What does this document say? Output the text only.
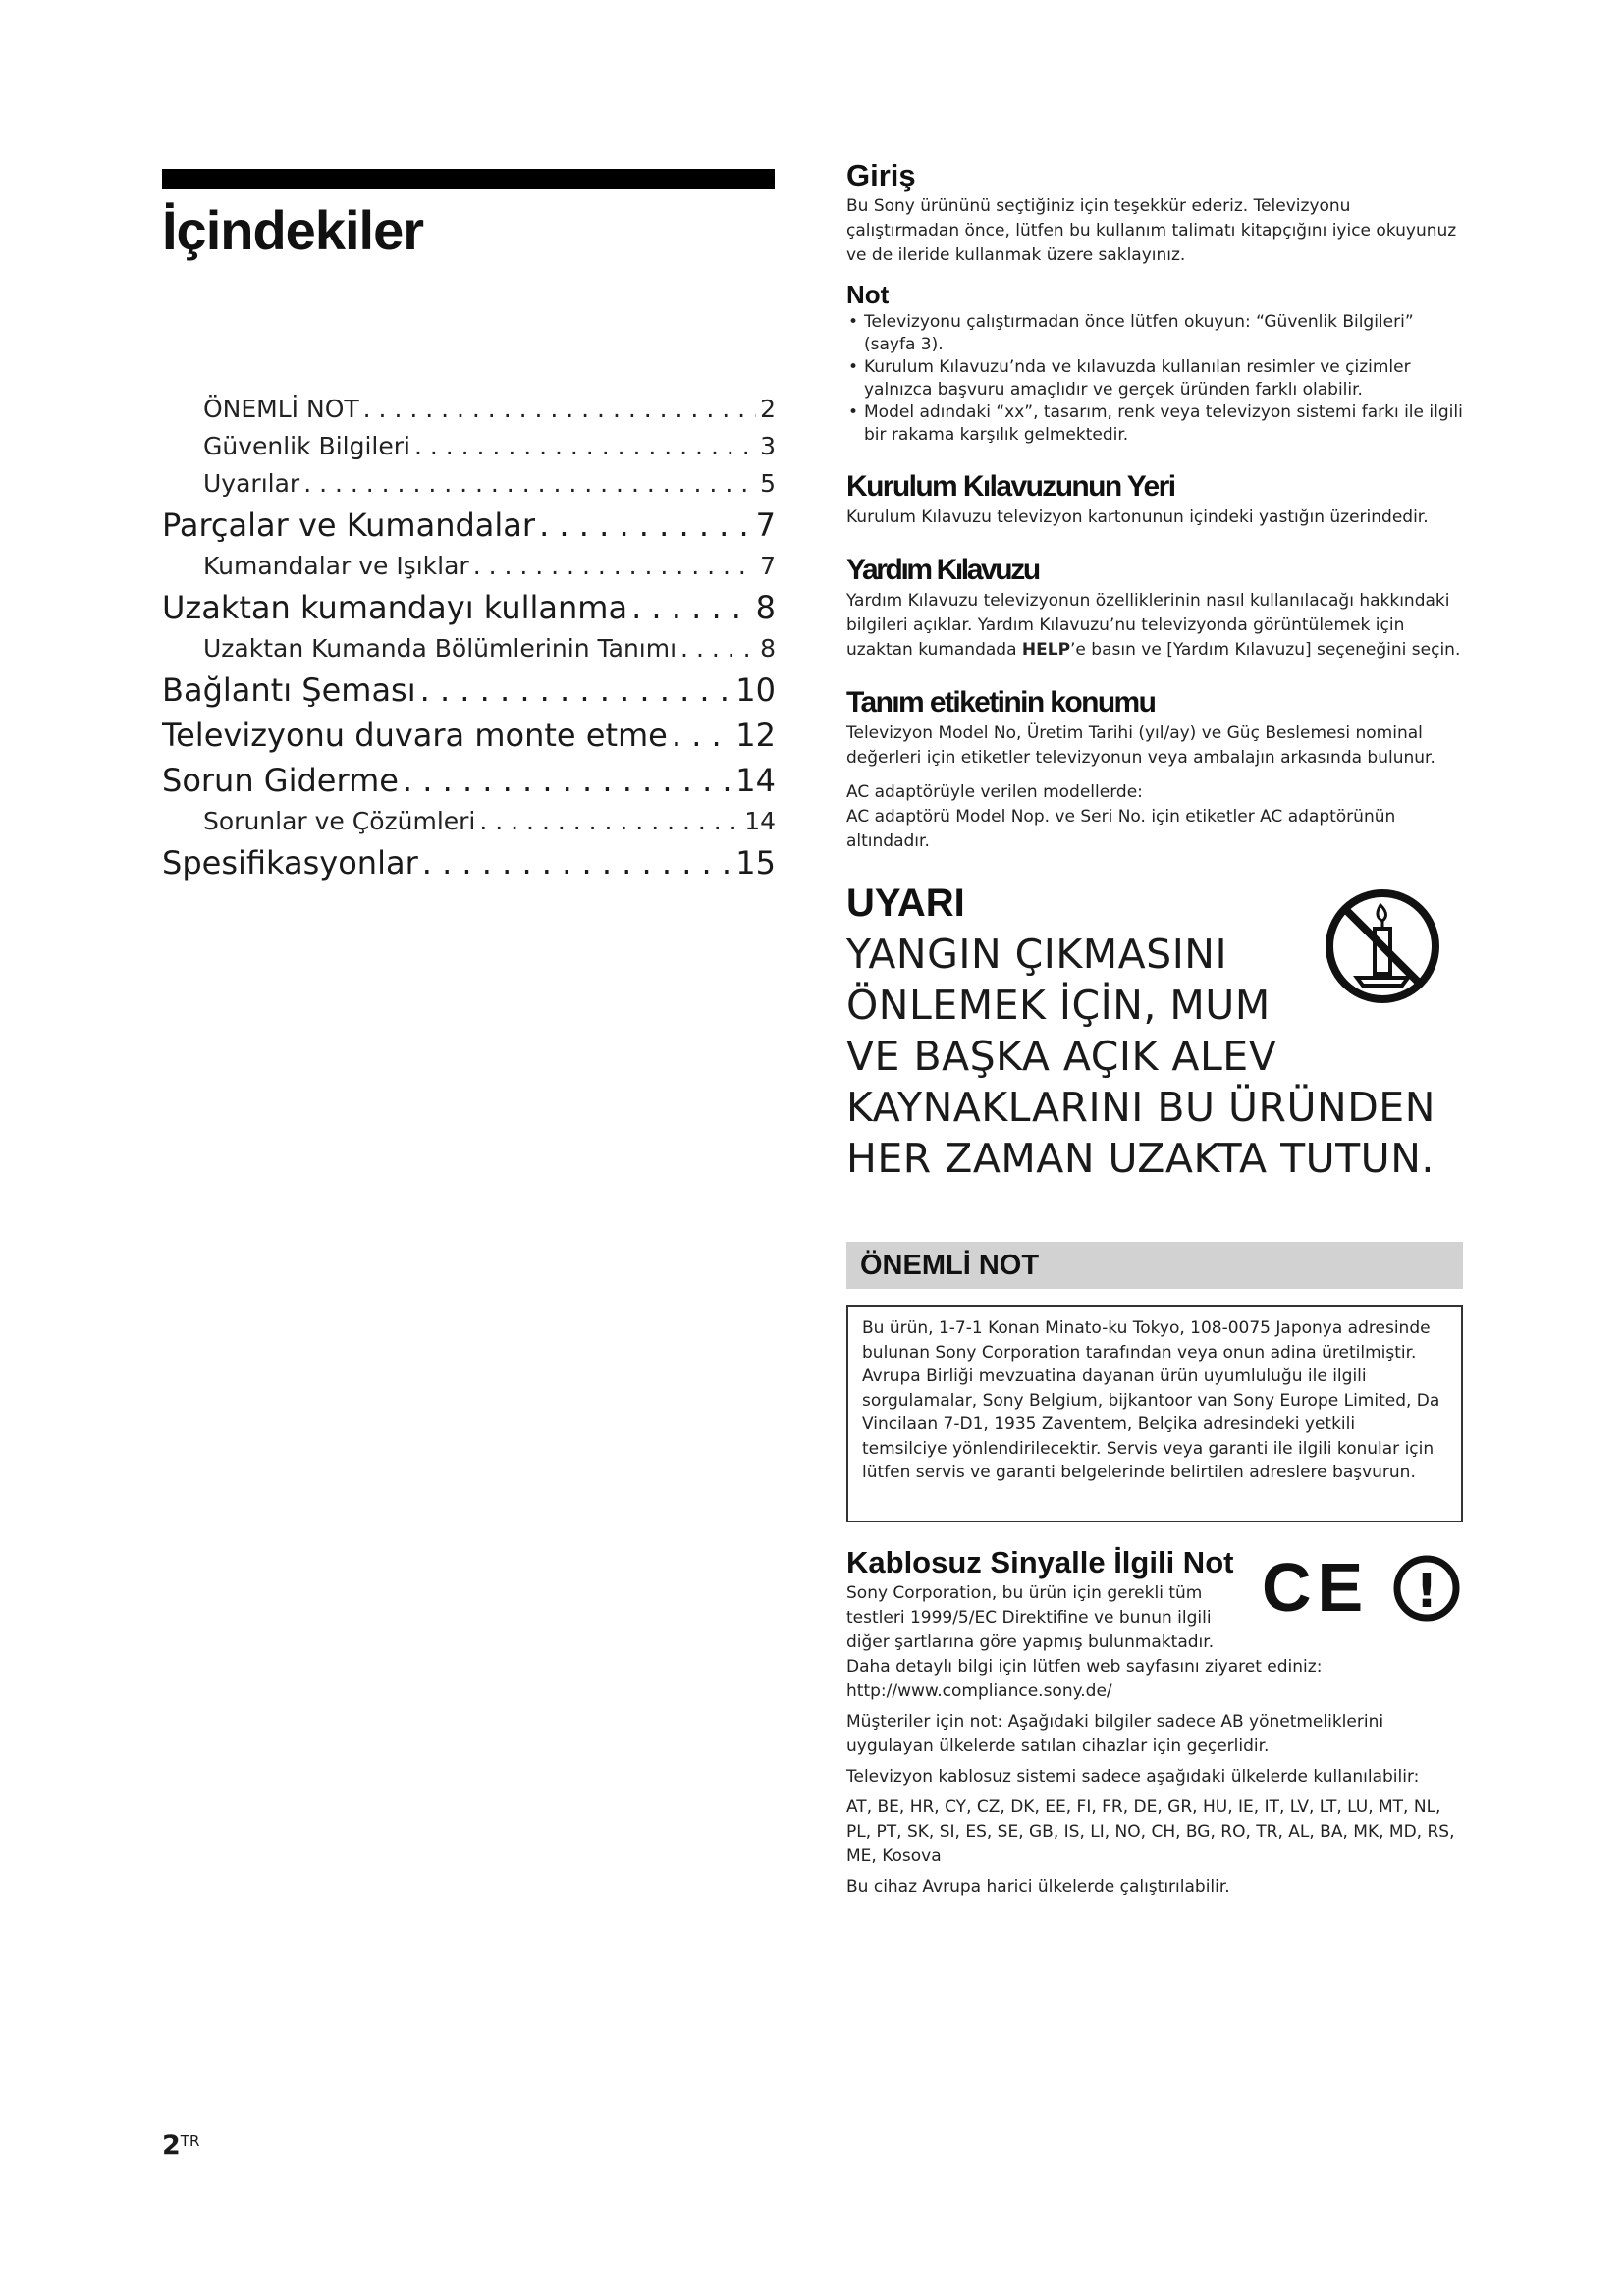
İçindekiler
ÖNEMLİ NOT . . .	2
Güvenlik Bilgileri . . .	3
Uyarılar . . .	5
Parçalar ve Kumandalar . . .	7
Kumandalar ve Işıklar . . .	7
Uzaktan kumandayı kullanma . . .	8
Uzaktan Kumanda Bölümlerinin Tanımı . . .	8
Bağlantı Şeması . . .	10
Televizyonu duvara monte etme . . . 12
Sorun Giderme . . .	14
Sorunlar ve Çözümleri . . .	14
Spesifikasyonlar . . .	15
$2^{TR}$
Giriş

Bu Sony ürününü seçtiğiniz için teşekkür ederiz. Televizyonu çalıştırmadan önce, lütfen bu kullanım talimatı kitapçığını iyice okuyunuz ve de ileride kullanmak üzere saklayınız.

Not
• Televizyonu çalıştırmadan önce lütfen okuyun: “Güvenlik Bilgileri” (sayfa 3).
• Kurulum Kılavuzu’nda ve kılavuzda kullanılan resimler ve çizimler yalnızca başvuru amaçlıdır ve gerçek üründen farklı olabilir.
• Model adındaki “xx”, tasarım, renk veya televizyon sistemi farkı ile ilgili bir rakama karşılık gelmektedir.
Kurulum Kılavuzunun Yeri

Kurulum Kılavuzu televizyon kartonunun içindeki yastığın üzerindedir.

Yardım Kılavuzu

Yardım Kılavuzu televizyonun özelliklerinin nasıl kullanılacağı hakkındaki bilgileri açıklar. Yardım Kılavuzu’nu televizyonda görüntülemek için uzaktan kumandada HELP’e basın ve [Yardım Kılavuzu] seçeneğini seçin.

Tanım etiketinin konumu

Televizyon Model No, Üretim Tarihi (yıl/ay) ve Güç Beslemesi nominal değerleri için etiketler televizyonun veya ambalajın arkasında bulunur.

AC adaptörüyle verilen modellerde:

AC adaptörü Model Nop. ve Seri No. için etiketler AC adaptörünün altındadır.

UYARI
YANGIN ÇIKMASINI
ÖNLEMEK İÇİN, MUM
VE BAŞKA AÇIK ALEV
KAYNAKLARINI BU ÜRÜNDEN
HER ZAMAN UZAKTA TUTUN.
ÖNEMLİ NOT

Bu ürün, 1-7-1 Konan Minato-ku Tokyo, 108-0075 Japonya adresinde bulunan Sony Corporation tarafından veya onun adina üretilmiştir. Avrupa Birliği mevzuatina dayanan ürün uyumluluğu ile ilgili sorgulamalar, Sony Belgium, bijkantoor van Sony Europe Limited, Da Vincilaan 7-D1, 1935 Zaventem, Belçika adresindeki yetkili temsilciye yönlendirilecektir. Servis veya garanti ile ilgili konular için lütfen servis ve garanti belgelerinde belirtilen adreslere başvurun.

Kablosuz Sinyalle İlgili Not CE !

Sony Corporation, bu ürün için gerekli tüm testleri 1999/5/EC Direktifine ve bunun ilgili diğer şartlarına göre yapmış bulunmaktadır.

Daha detaylı bilgi için lütfen web sayfasını ziyaret ediniz:

http://www.compliance.sony.de/

Müşteriler için not: Aşağıdaki bilgiler sadece AB yönetmeliklerini uygulayan ülkelerde satılan cihazlar için geçerlidir.

Televizyon kablosuz sistemi sadece aşağıdaki ülkelerde kullanılabilir:

AT, BE, HR, CY, CZ, DK, EE, FI, FR, DE, GR, HU, IE, IT, LV, LT, LU, MT, NL, PL, PT, SK, SI, ES, SE, GB, IS, LI, NO, CH, BG, RO, TR, AL, BA, MK, MD, RS, ME, Kosova

Bu cihaz Avrupa harici ülkelerde çalıştırılabilir.
